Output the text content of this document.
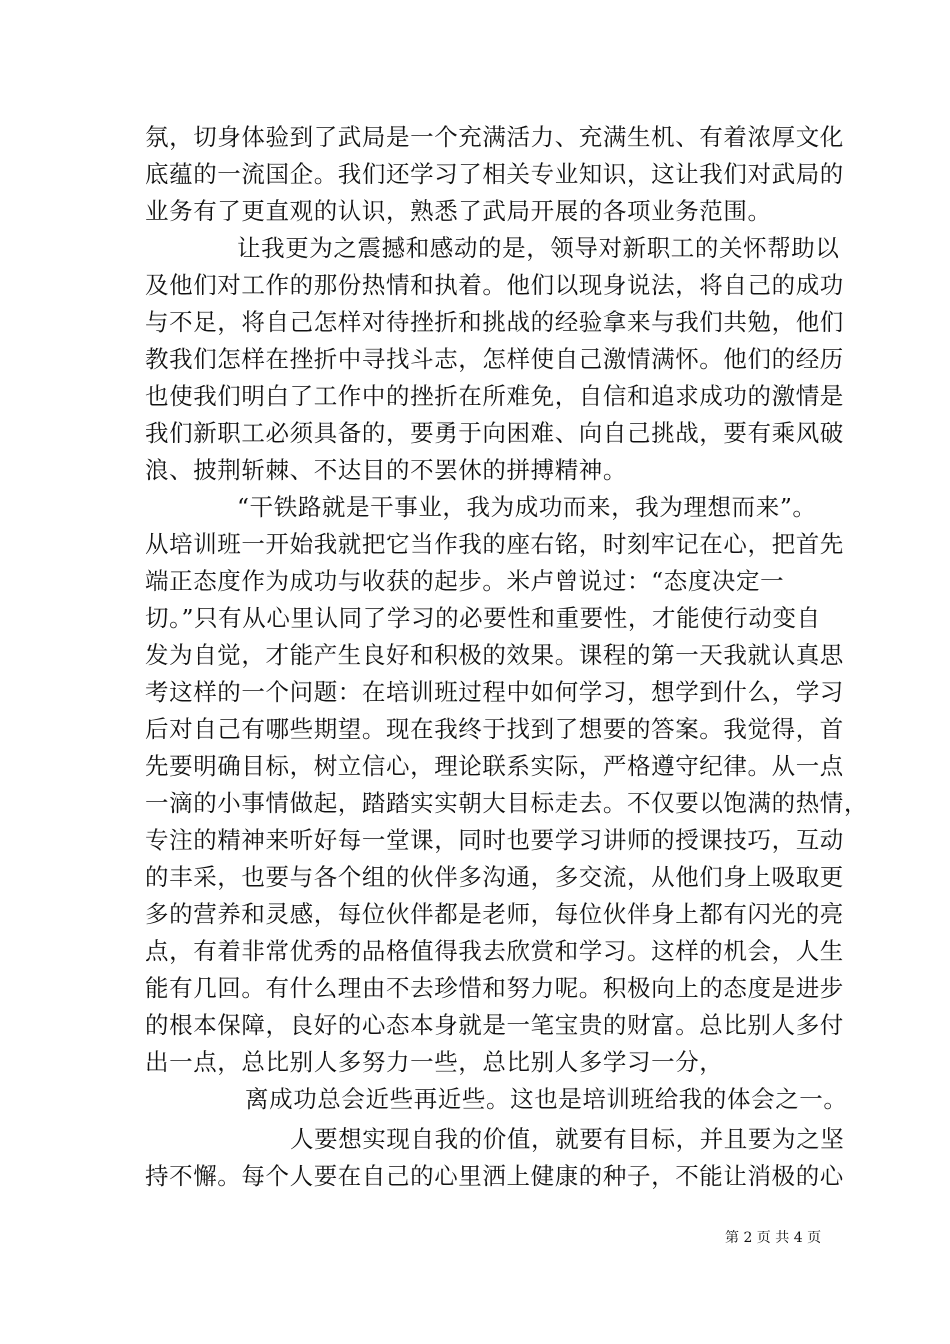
氛，切身体验到了武局是一个充满活力、充满生机、有着浓厚文化
底蕴的一流国企。我们还学习了相关专业知识，这让我们对武局的
业务有了更直观的认识，熟悉了武局开展的各项业务范围。
让我更为之震撼和感动的是，领导对新职工的关怀帮助以
及他们对工作的那份热情和执着。他们以现身说法，将自己的成功
与不足，将自己怎样对待挫折和挑战的经验拿来与我们共勉，他们
教我们怎样在挫折中寻找斗志，怎样使自己激情满怀。他们的经历
也使我们明白了工作中的挫折在所难免，自信和追求成功的激情是
我们新职工必须具备的，要勇于向困难、向自己挑战，要有乘风破
浪、披荆斩棘、不达目的不罢休的拼搏精神。
“干铁路就是干事业，我为成功而来，我为理想而来”。
从培训班一开始我就把它当作我的座右铭，时刻牢记在心，把首先
端正态度作为成功与收获的起步。米卢曾说过：“态度决定一
切。”只有从心里认同了学习的必要性和重要性，才能使行动变自
发为自觉，才能产生良好和积极的效果。课程的第一天我就认真思
考这样的一个问题：在培训班过程中如何学习，想学到什么，学习
后对自己有哪些期望。现在我终于找到了想要的答案。我觉得，首
先要明确目标，树立信心，理论联系实际，严格遵守纪律。从一点
一滴的小事情做起，踏踏实实朝大目标走去。不仅要以饱满的热情，
专注的精神来听好每一堂课，同时也要学习讲师的授课技巧，互动
的丰采，也要与各个组的伙伴多沟通，多交流，从他们身上吸取更
多的营养和灵感，每位伙伴都是老师，每位伙伴身上都有闪光的亮
点，有着非常优秀的品格值得我去欣赏和学习。这样的机会，人生
能有几回。有什么理由不去珍惜和努力呢。积极向上的态度是进步
的根本保障，良好的心态本身就是一笔宝贵的财富。总比别人多付
出一点，总比别人多努力一些，总比别人多学习一分，
离成功总会近些再近些。这也是培训班给我的体会之一。
人要想实现自我的价值，就要有目标，并且要为之坚
持不懈。每个人要在自己的心里洒上健康的种子，不能让消极的心
第 2 页 共 4 页
